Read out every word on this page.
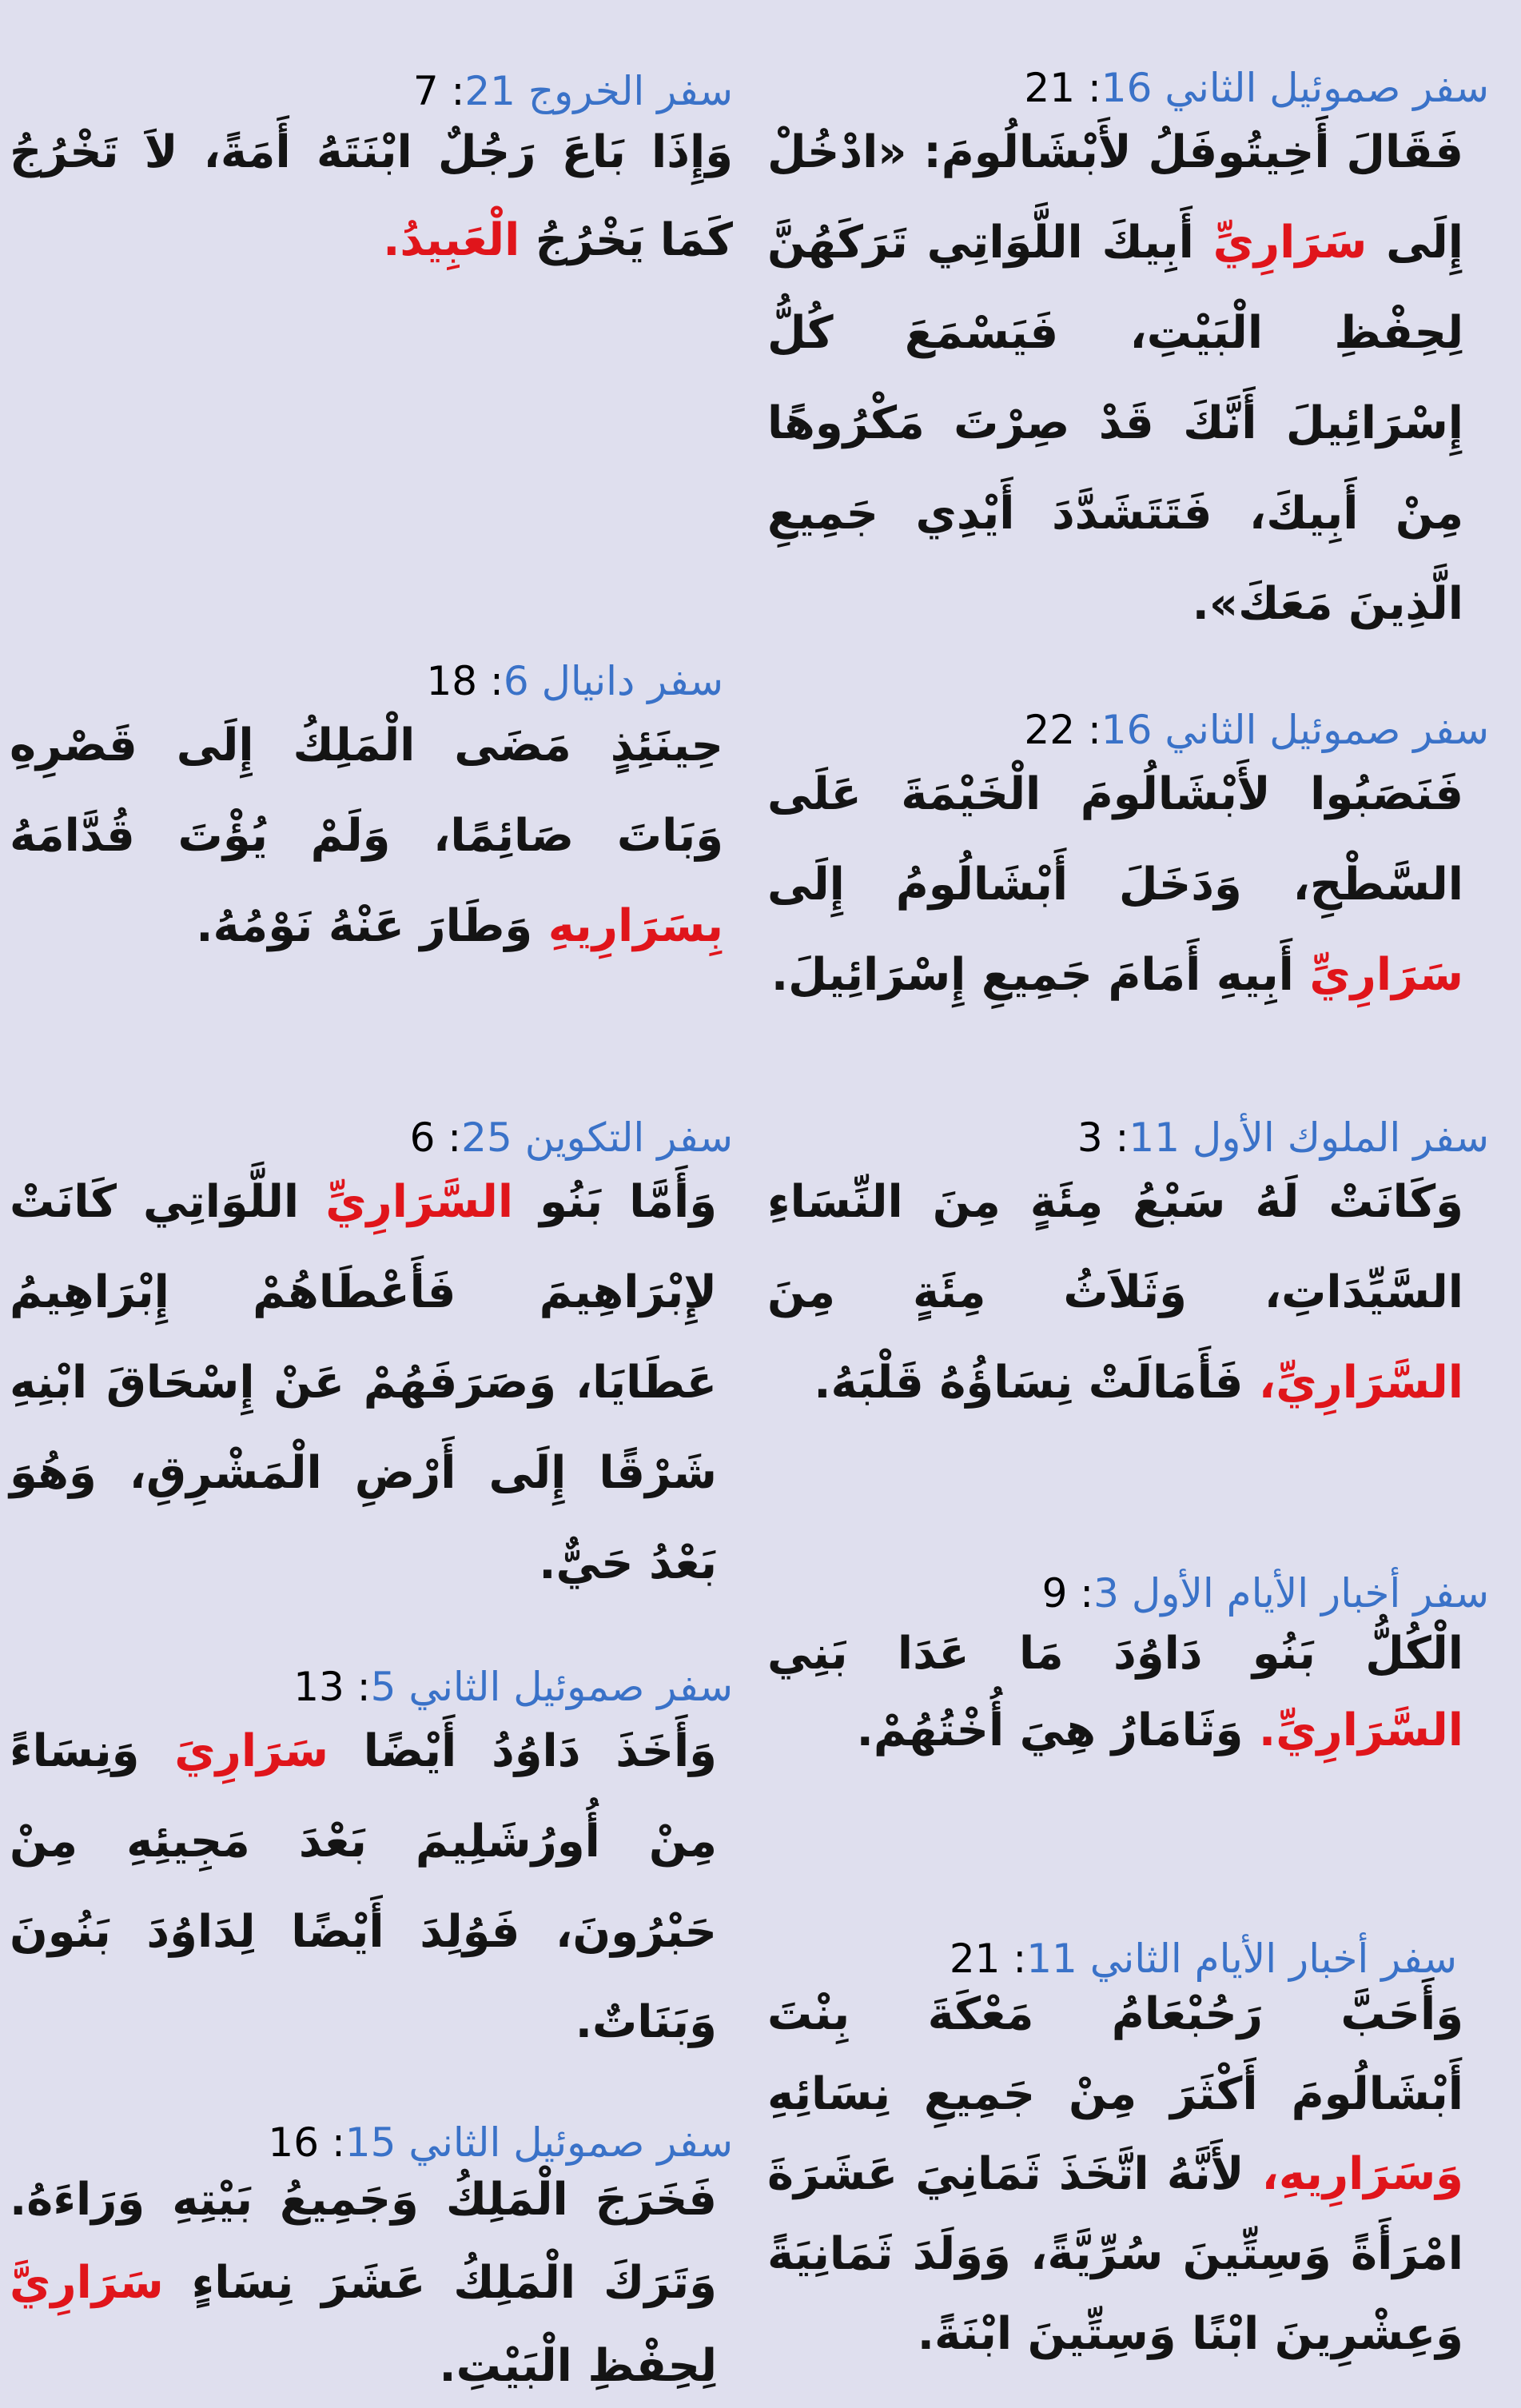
سفر صموئيل الثاني 16: 21

فَقَالَ أَخِيتُوفَلُ لأَبْشَالُومَ: «ادْخُلْ إِلَى سَرَارِيِّ أَبِيكَ اللَّوَاتِي تَرَكَهُنَّ لِحِفْظِ الْبَيْتِ، فَيَسْمَعَ كُلُّ إِسْرَائِيلَ أَنَّكَ قَدْ صِرْتَ مَكْرُوهًا مِنْ أَبِيكَ، فَتَتَشَدَّدَ أَيْدِي جَمِيعِ الَّذِينَ مَعَكَ».

سفر صموئيل الثاني 16: 22

فَنَصَبُوا لأَبْشَالُومَ الْخَيْمَةَ عَلَى السَّطْحِ، وَدَخَلَ أَبْشَالُومُ إِلَى سَرَارِيِّ أَبِيهِ أَمَامَ جَمِيعِ إِسْرَائِيلَ.

سفر الملوك الأول 11: 3

وَكَانَتْ لَهُ سَبْعُ مِئَةٍ مِنَ النِّسَاءِ السَّيِّدَاتِ، وَثَلاَثُ مِئَةٍ مِنَ السَّرَارِيِّ، فَأَمَالَتْ نِسَاؤُهُ قَلْبَهُ.

سفر أخبار الأيام الأول 3: 9

الْكُلُّ بَنُو دَاوُدَ مَا عَدَا بَنِي السَّرَارِيِّ. وَثَامَارُ هِيَ أُخْتُهُمْ.

سفر أخبار الأيام الثاني 11: 21

وَأَحَبَّ رَحُبْعَامُ مَعْكَةَ بِنْتَ أَبْشَالُومَ أَكْثَرَ مِنْ جَمِيعِ نِسَائِهِ وَسَرَارِيهِ، لأَنَّهُ اتَّخَذَ ثَمَانِيَ عَشَرَةَ امْرَأَةً وَسِتِّينَ سُرِّيَّةً، وَوَلَدَ ثَمَانِيَةً وَعِشْرِينَ ابْنًا وَسِتِّينَ ابْنَةً.

سفر الخروج 21: 7

وَإِذَا بَاعَ رَجُلٌ ابْنَتَهُ أَمَةً، لاَ تَخْرُجُ كَمَا يَخْرُجُ الْعَبِيدُ.

سفر دانيال 6: 18

حِينَئِذٍ مَضَى الْمَلِكُ إِلَى قَصْرِهِ وَبَاتَ صَائِمًا، وَلَمْ يُؤْتَ قُدَّامَهُ بِسَرَارِيهِ وَطَارَ عَنْهُ نَوْمُهُ.

سفر التكوين 25: 6

وَأَمَّا بَنُو السَّرَارِيِّ اللَّوَاتِي كَانَتْ لإِبْرَاهِيمَ فَأَعْطَاهُمْ إِبْرَاهِيمُ عَطَايَا، وَصَرَفَهُمْ عَنْ إِسْحَاقَ ابْنِهِ شَرْقًا إِلَى أَرْضِ الْمَشْرِقِ، وَهُوَ بَعْدُ حَيٌّ.

سفر صموئيل الثاني 5: 13

وَأَخَذَ دَاوُدُ أَيْضًا سَرَارِيَ وَنِسَاءً مِنْ أُورُشَلِيمَ بَعْدَ مَجِيئِهِ مِنْ حَبْرُونَ، فَوُلِدَ أَيْضًا لِدَاوُدَ بَنُونَ وَبَنَاتٌ.

سفر صموئيل الثاني 15: 16

فَخَرَجَ الْمَلِكُ وَجَمِيعُ بَيْتِهِ وَرَاءَهُ. وَتَرَكَ الْمَلِكُ عَشَرَ نِسَاءٍ سَرَارِيَّ لِحِفْظِ الْبَيْتِ.
